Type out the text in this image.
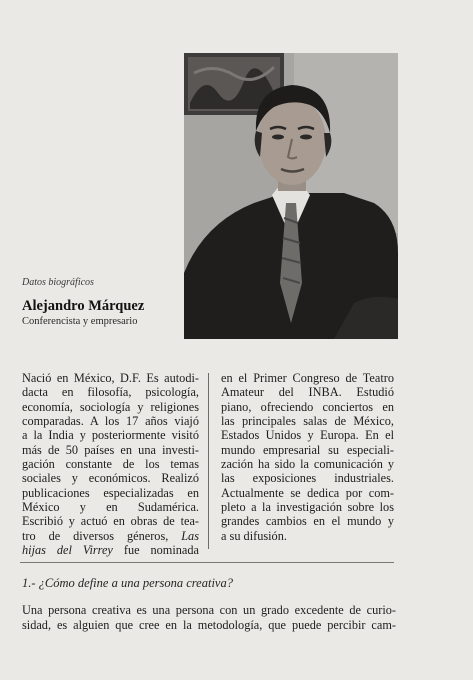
Datos biográficos
Alejandro Márquez
Conferencista y empresario
Nació en México, D.F. Es autodi-
dacta en filosofía, psicología,
economía, sociología y religiones
comparadas. A los 17 años viajó
a la India y posteriormente visitó
más de 50 países en una investi-
gación constante de los temas
sociales y económicos. Realizó
publicaciones especializadas en
México y en Sudamérica.
Escribió y actuó en obras de tea-
tro de diversos géneros, Las
hijas del Virrey fue nominada
en el Primer Congreso de Teatro
Amateur del INBA. Estudió
piano, ofreciendo conciertos en
las principales salas de México,
Estados Unidos y Europa. En el
mundo empresarial su especiali-
zación ha sido la comunicación y
las exposiciones industriales.
Actualmente se dedica por com-
pleto a la investigación sobre los
grandes cambios en el mundo y
a su difusión.
1.- ¿Cómo define a una persona creativa?
Una persona creativa es una persona con un grado excedente de curio-
sidad, es alguien que cree en la metodología, que puede percibir cam-
